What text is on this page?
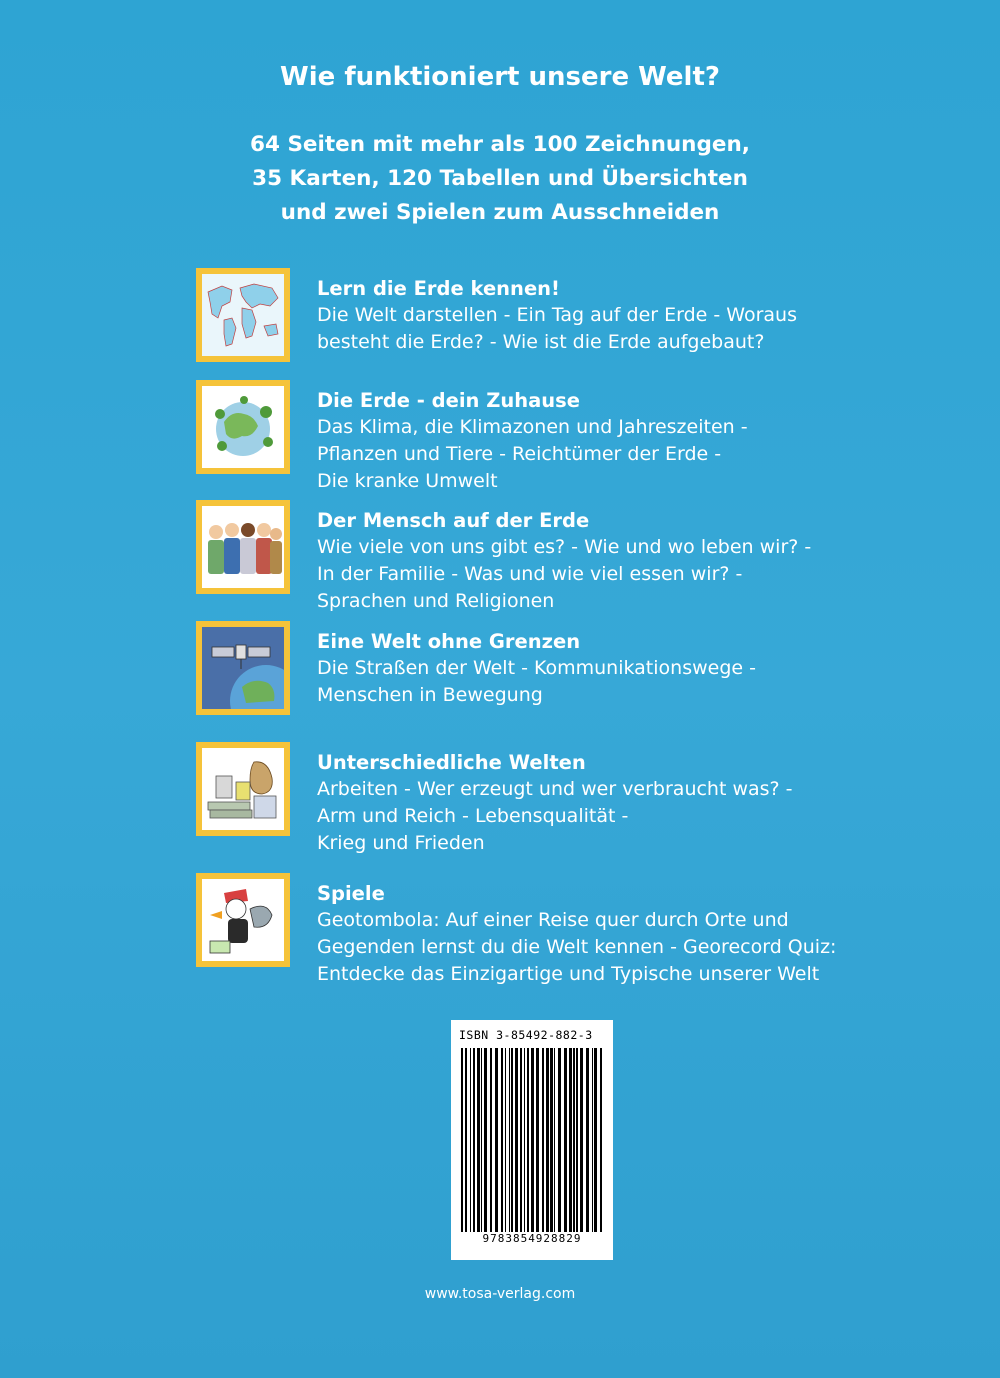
Wie funktioniert unsere Welt?
64 Seiten mit mehr als 100 Zeichnungen,
35 Karten, 120 Tabellen und Übersichten
und zwei Spielen zum Ausschneiden
Lern die Erde kennen!
Die Welt darstellen - Ein Tag auf der Erde - Woraus
besteht die Erde? - Wie ist die Erde aufgebaut?
Die Erde - dein Zuhause
Das Klima, die Klimazonen und Jahreszeiten -
Pflanzen und Tiere - Reichtümer der Erde -
Die kranke Umwelt
Der Mensch auf der Erde
Wie viele von uns gibt es? - Wie und wo leben wir? -
In der Familie - Was und wie viel essen wir? -
Sprachen und Religionen
Eine Welt ohne Grenzen
Die Straßen der Welt - Kommunikationswege -
Menschen in Bewegung
Unterschiedliche Welten
Arbeiten - Wer erzeugt und wer verbraucht was? -
Arm und Reich - Lebensqualität -
Krieg und Frieden
Spiele
Geotombola: Auf einer Reise quer durch Orte und
Gegenden lernst du die Welt kennen - Georecord Quiz:
Entdecke das Einzigartige und Typische unserer Welt
ISBN 3-85492-882-3
9783854928829
www.tosa-verlag.com
